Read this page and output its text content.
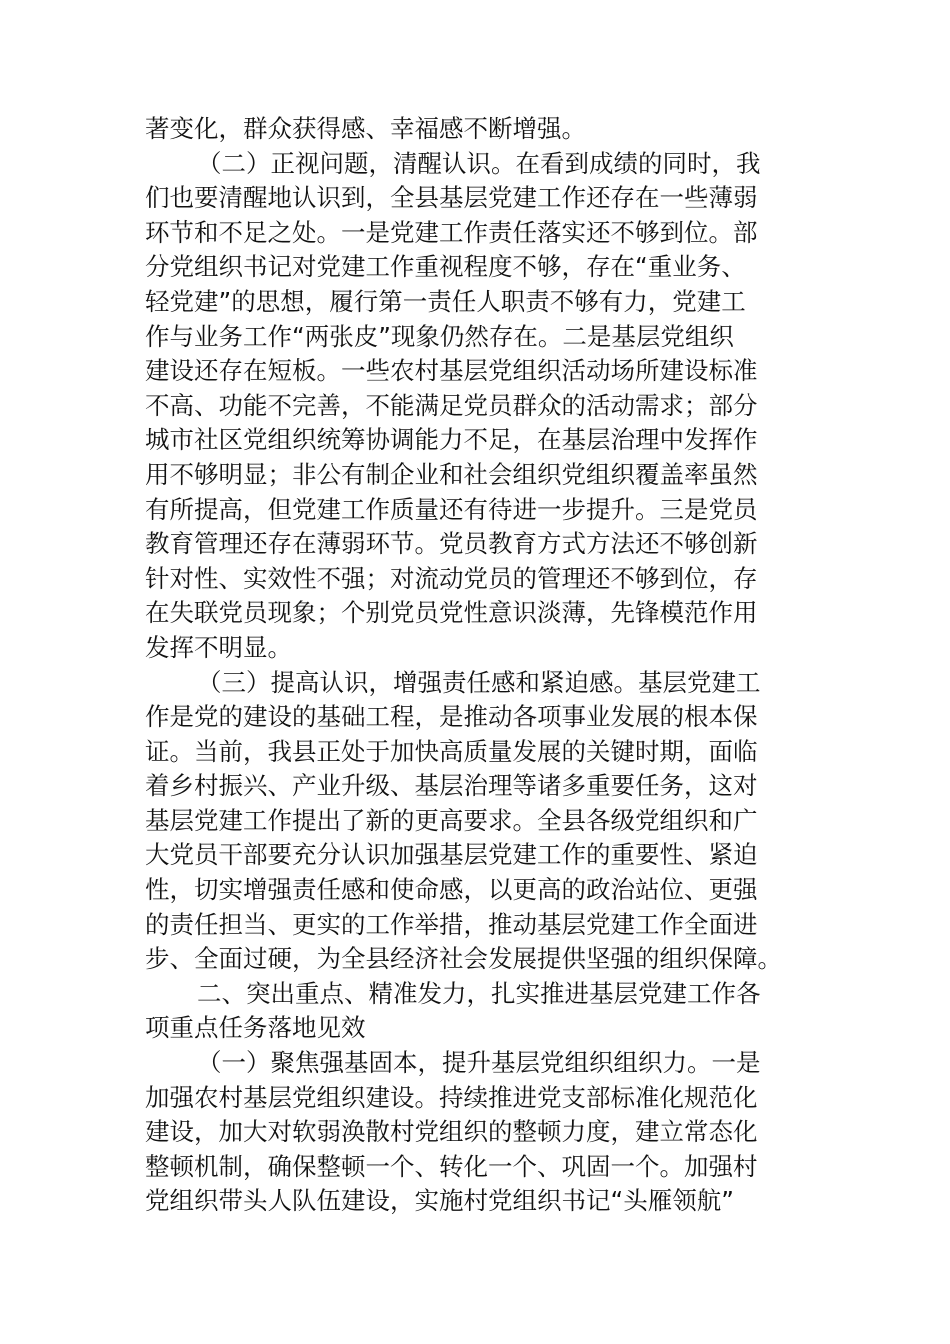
著变化，群众获得感、幸福感不断增强。
（二）正视问题，清醒认识。在看到成绩的同时，我
们也要清醒地认识到，全县基层党建工作还存在一些薄弱
环节和不足之处。一是党建工作责任落实还不够到位。部
分党组织书记对党建工作重视程度不够，存在“重业务、
轻党建”的思想，履行第一责任人职责不够有力，党建工
作与业务工作“两张皮”现象仍然存在。二是基层党组织
建设还存在短板。一些农村基层党组织活动场所建设标准
不高、功能不完善，不能满足党员群众的活动需求；部分
城市社区党组织统筹协调能力不足，在基层治理中发挥作
用不够明显；非公有制企业和社会组织党组织覆盖率虽然
有所提高，但党建工作质量还有待进一步提升。三是党员
教育管理还存在薄弱环节。党员教育方式方法还不够创新
针对性、实效性不强；对流动党员的管理还不够到位，存
在失联党员现象；个别党员党性意识淡薄，先锋模范作用
发挥不明显。
（三）提高认识，增强责任感和紧迫感。基层党建工
作是党的建设的基础工程，是推动各项事业发展的根本保
证。当前，我县正处于加快高质量发展的关键时期，面临
着乡村振兴、产业升级、基层治理等诸多重要任务，这对
基层党建工作提出了新的更高要求。全县各级党组织和广
大党员干部要充分认识加强基层党建工作的重要性、紧迫
性，切实增强责任感和使命感，以更高的政治站位、更强
的责任担当、更实的工作举措，推动基层党建工作全面进
步、全面过硬，为全县经济社会发展提供坚强的组织保障。
二、突出重点、精准发力，扎实推进基层党建工作各
项重点任务落地见效
（一）聚焦强基固本，提升基层党组织组织力。一是
加强农村基层党组织建设。持续推进党支部标准化规范化
建设，加大对软弱涣散村党组织的整顿力度，建立常态化
整顿机制，确保整顿一个、转化一个、巩固一个。加强村
党组织带头人队伍建设，实施村党组织书记“头雁领航”
